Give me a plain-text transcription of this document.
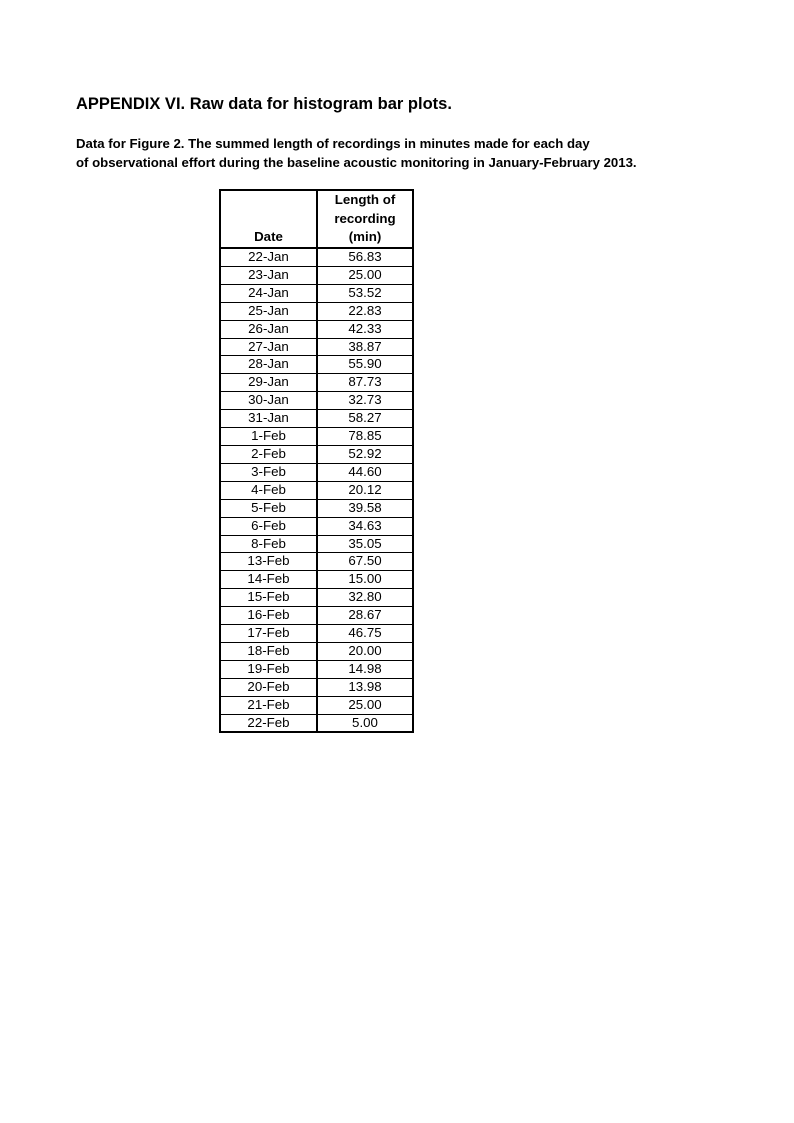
APPENDIX VI. Raw data for histogram bar plots.

Data for Figure 2. The summed length of recordings in minutes made for each day
of observational effort during the baseline acoustic monitoring in January-February 2013.

Date	Length of
recording
(min)
22-Jan	56.83
23-Jan	25.00
24-Jan	53.52
25-Jan	22.83
26-Jan	42.33
27-Jan	38.87
28-Jan	55.90
29-Jan	87.73
30-Jan	32.73
31-Jan	58.27
1-Feb	78.85
2-Feb	52.92
3-Feb	44.60
4-Feb	20.12
5-Feb	39.58
6-Feb	34.63
8-Feb	35.05
13-Feb	67.50
14-Feb	15.00
15-Feb	32.80
16-Feb	28.67
17-Feb	46.75
18-Feb	20.00
19-Feb	14.98
20-Feb	13.98
21-Feb	25.00
22-Feb	5.00
